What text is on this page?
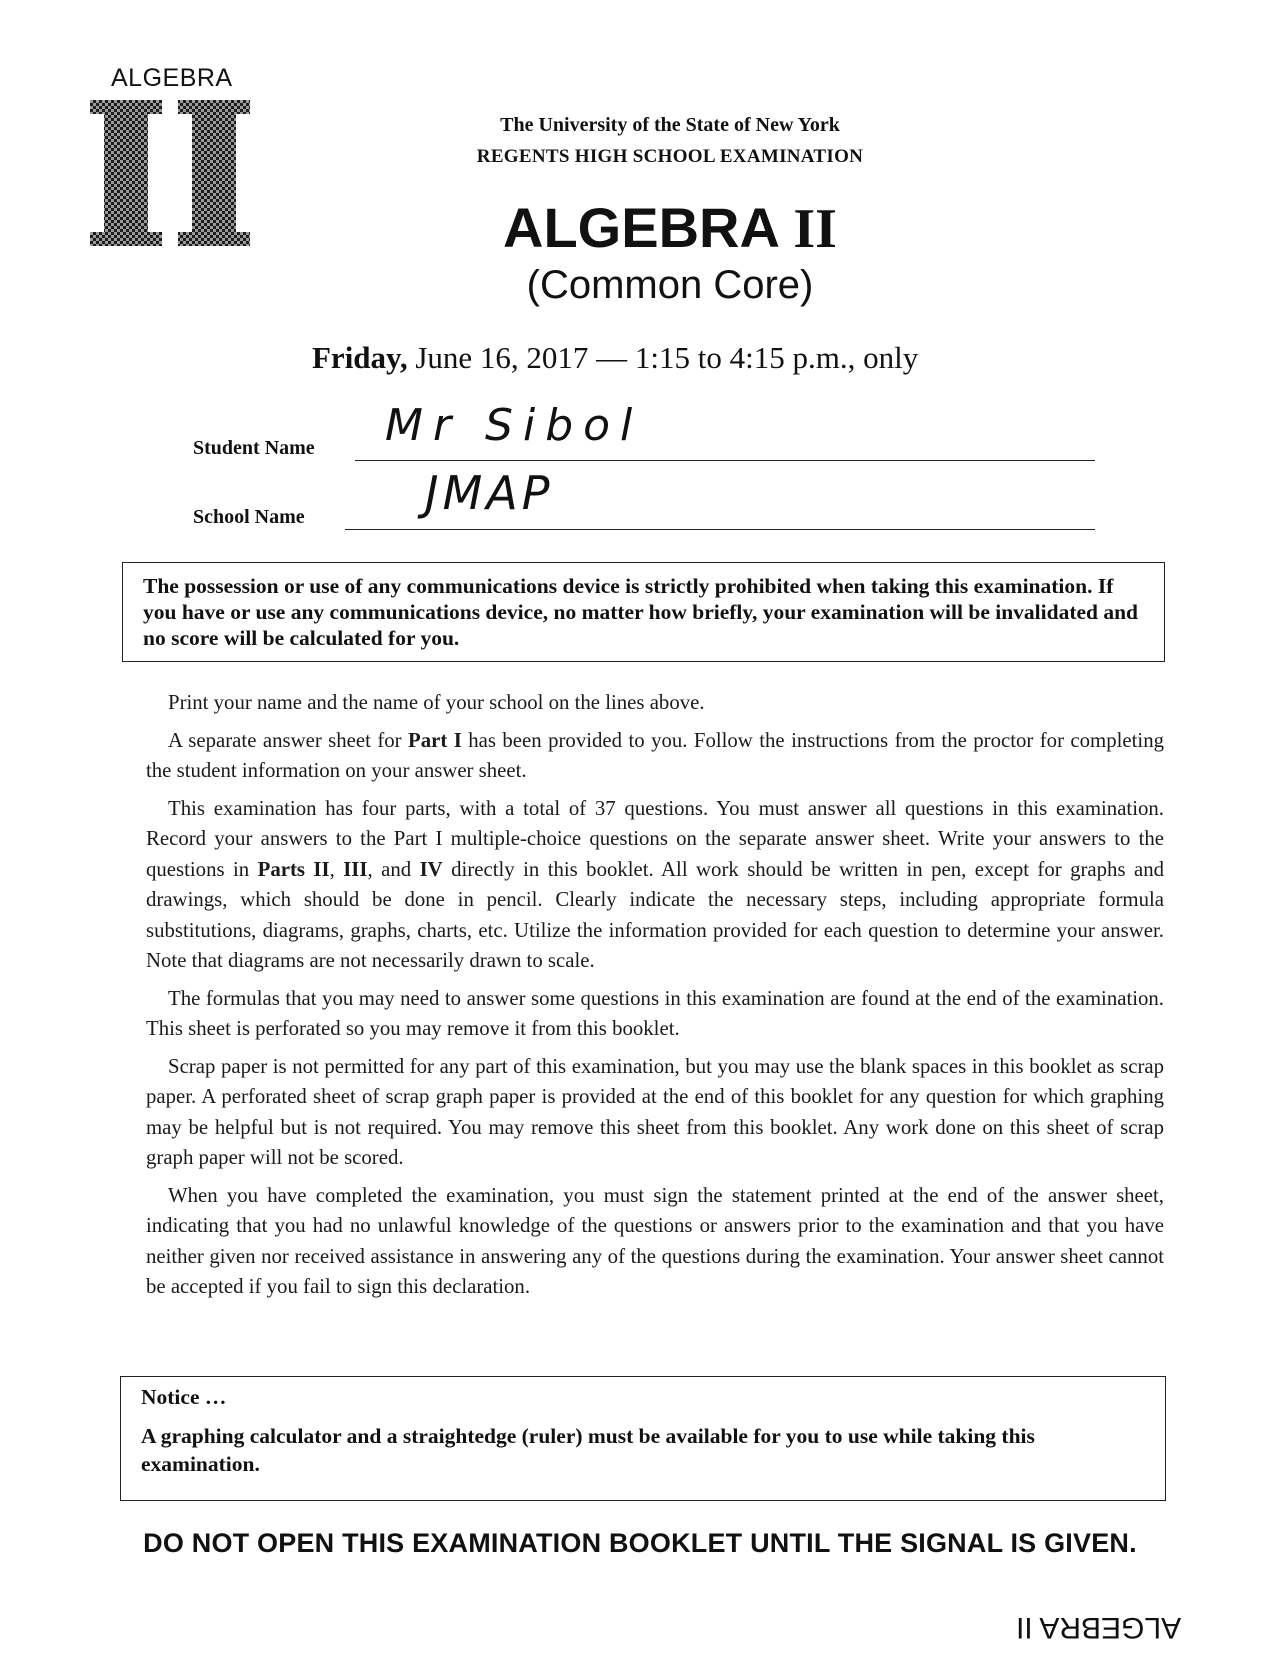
ALGEBRA
II
The University of the State of New York
REGENTS HIGH SCHOOL EXAMINATION
ALGEBRA II
(Common Core)
Friday, June 16, 2017 — 1:15 to 4:15 p.m., only
Student Name Mr Sibol
School Name	JMAP
The possession or use of any communications device is strictly prohibited when taking this examination. If you have or use any communications device, no matter how briefly, your examination will be invalidated and no score will be calculated for you.

Print your name and the name of your school on the lines above.

A separate answer sheet for Part I has been provided to you. Follow the instructions from the proctor for completing the student information on your answer sheet.

This examination has four parts, with a total of 37 questions. You must answer all questions in this examination. Record your answers to the Part I multiple-choice questions on the separate answer sheet. Write your answers to the questions in Parts II, III, and IV directly in this booklet. All work should be written in pen, except for graphs and drawings, which should be done in pencil. Clearly indicate the necessary steps, including appropriate formula substitutions, diagrams, graphs, charts, etc. Utilize the information provided for each question to determine your answer. Note that diagrams are not necessarily drawn to scale.

The formulas that you may need to answer some questions in this examination are found at the end of the examination. This sheet is perforated so you may remove it from this booklet.

Scrap paper is not permitted for any part of this examination, but you may use the blank spaces in this booklet as scrap paper. A perforated sheet of scrap graph paper is provided at the end of this booklet for any question for which graphing may be helpful but is not required. You may remove this sheet from this booklet. Any work done on this sheet of scrap graph paper will not be scored.

When you have completed the examination, you must sign the statement printed at the end of the answer sheet, indicating that you had no unlawful knowledge of the questions or answers prior to the examination and that you have neither given nor received assistance in answering any of the questions during the examination. Your answer sheet cannot be accepted if you fail to sign this declaration.

Notice …
A graphing calculator and a straightedge (ruler) must be available for you to use while taking this examination.
DO NOT OPEN THIS EXAMINATION BOOKLET UNTIL THE SIGNAL IS GIVEN.
ALGEBRA II
